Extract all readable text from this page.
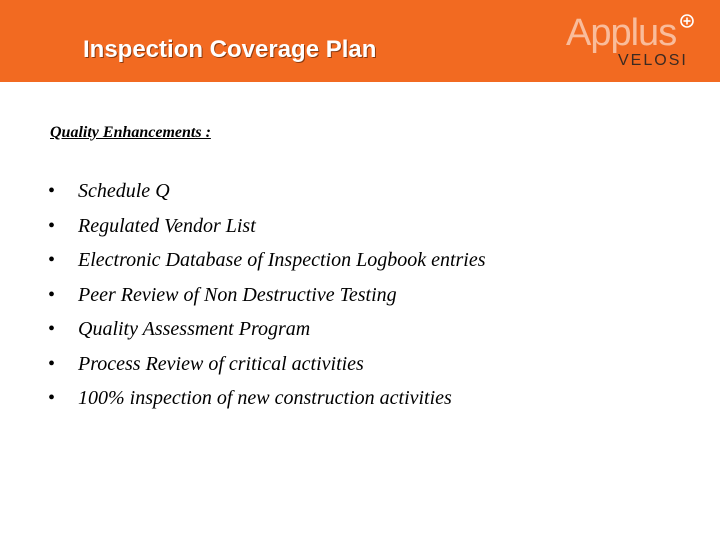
Inspection Coverage Plan	Applus
VELOSI
Quality Enhancements :
• Schedule Q
• Regulated Vendor List
• Electronic Database of Inspection Logbook entries
• Peer Review of Non Destructive Testing
• Quality Assessment Program
• Process Review of critical activities
• 100% inspection of new construction activities
